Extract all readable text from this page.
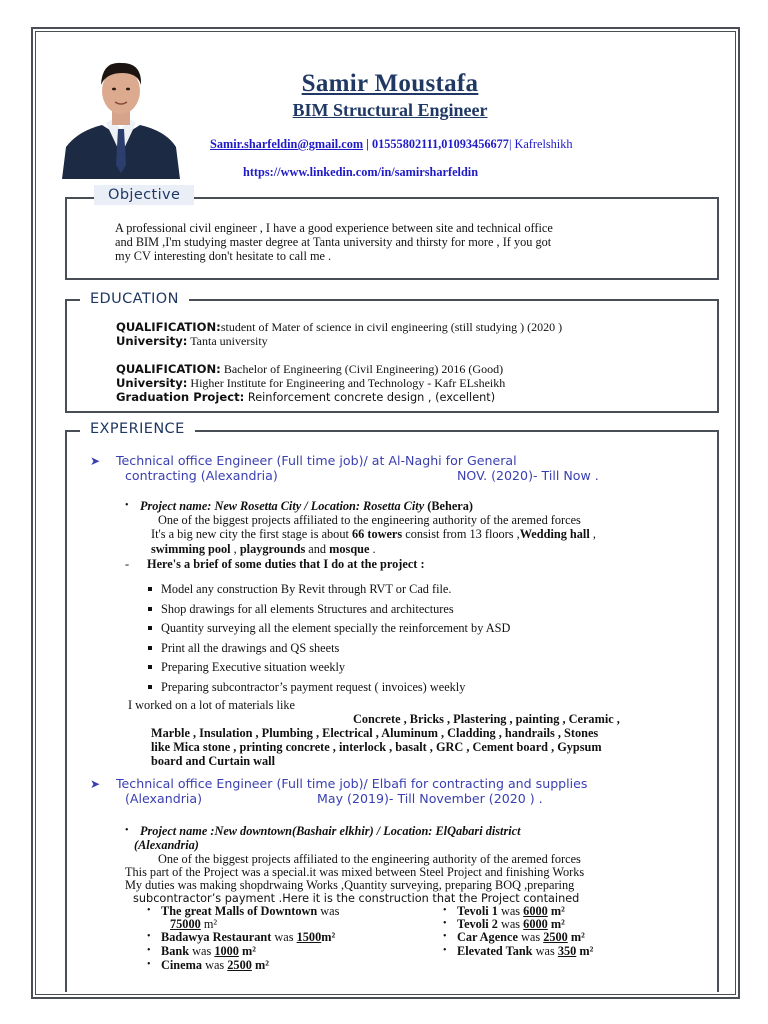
Samir Moustafa
BIM Structural Engineer
Samir.sharfeldin@gmail.com | 01555802111,01093456677| Kafrelshikh
https://www.linkedin.com/in/samirsharfeldin
Objective
A professional civil engineer , I have a good experience between site and technical office
and BIM ,I'm studying master degree at Tanta university and thirsty for more , If you got
my CV interesting don't hesitate to call me .
EDUCATION
QUALIFICATION:student of Mater of science in civil engineering (still studying ) (2020 )
University: Tanta university
QUALIFICATION: Bachelor of Engineering (Civil Engineering) 2016 (Good)
University: Higher Institute for Engineering and Technology - Kafr ELsheikh
Graduation Project: Reinforcement concrete design , (excellent)
EXPERIENCE
➤ Technical office Engineer (Full time job)/ at Al-Naghi for General
contracting (Alexandria)	NOV. (2020)- Till Now .
• Project name: New Rosetta City / Location: Rosetta City (Behera)
One of the biggest projects affiliated to the engineering authority of the aremed forces
It's a big new city the first stage is about 66 towers consist from 13 floors ,Wedding hall ,
swimming pool , playgrounds and mosque .
- Here's a brief of some duties that I do at the project :
Model any construction By Revit through RVT or Cad file.
Shop drawings for all elements Structures and architectures
Quantity surveying all the element specially the reinforcement by ASD
Print all the drawings and QS sheets
Preparing Executive situation weekly
Preparing subcontractor’s payment request ( invoices) weekly
I worked on a lot of materials like
Concrete , Bricks , Plastering , painting , Ceramic ,
Marble , Insulation , Plumbing , Electrical , Aluminum , Cladding , handrails , Stones
like Mica stone , printing concrete , interlock , basalt , GRC , Cement board , Gypsum
board and Curtain wall
➤ Technical office Engineer (Full time job)/ Elbafi for contracting and supplies
(Alexandria)	May (2019)- Till November (2020 ) .
• Project name :New downtown(Bashair elkhir) / Location: ElQabari district
(Alexandria)
One of the biggest projects affiliated to the engineering authority of the aremed forces
This part of the Project was a special.it was mixed between Steel Project and finishing Works
My duties was making shopdrwaing Works ,Quantity surveying, preparing BOQ ,preparing
subcontractor’s payment .Here it is the construction that the Project contained
• The great Malls of Downtown was
75000 m²
• Badawya Restaurant was 1500m²
• Bank was 1000 m²
• Cinema was 2500 m²
• Tevoli 1 was 6000 m²
• Tevoli 2 was 6000 m²
• Car Agence was 2500 m²
• Elevated Tank was 350 m²
